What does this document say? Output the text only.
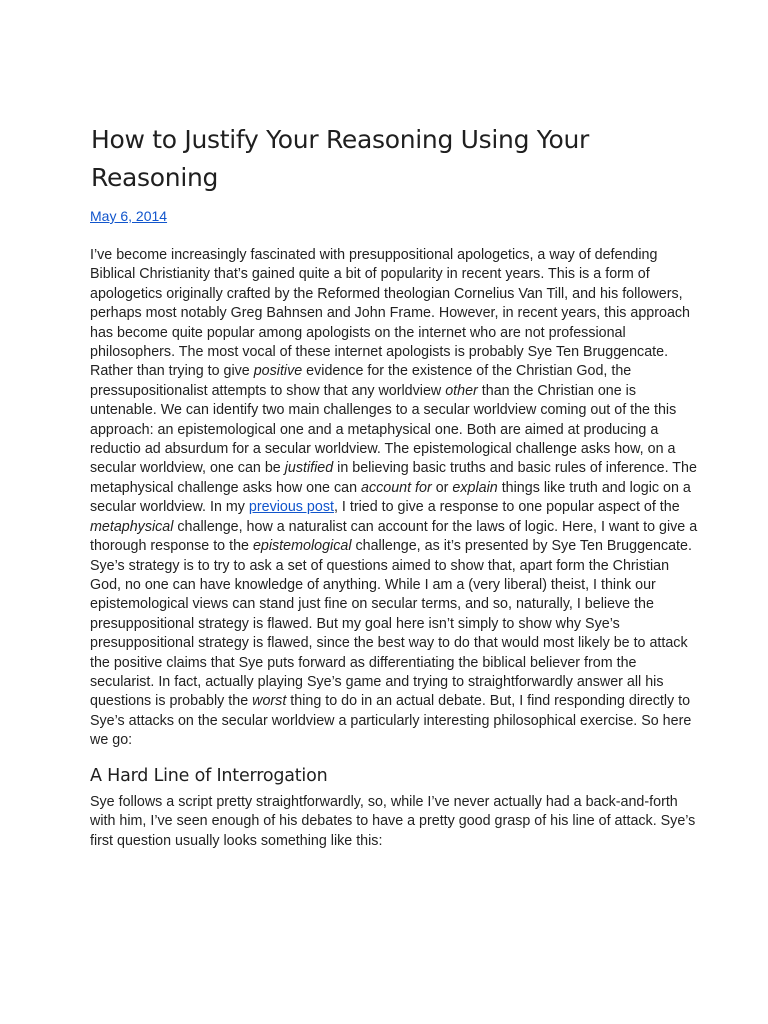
How to Justify Your Reasoning Using Your Reasoning
May 6, 2014
I’ve become increasingly fascinated with presuppositional apologetics, a way of defending
Biblical Christianity that’s gained quite a bit of popularity in recent years. This is a form of
apologetics originally crafted by the Reformed theologian Cornelius Van Till, and his followers,
perhaps most notably Greg Bahnsen and John Frame. However, in recent years, this approach
has become quite popular among apologists on the internet who are not professional
philosophers. The most vocal of these internet apologists is probably Sye Ten Bruggencate.
Rather than trying to give positive evidence for the existence of the Christian God, the
pressupositionalist attempts to show that any worldview other than the Christian one is
untenable. We can identify two main challenges to a secular worldview coming out of the this
approach: an epistemological one and a metaphysical one. Both are aimed at producing a
reductio ad absurdum for a secular worldview. The epistemological challenge asks how, on a
secular worldview, one can be justified in believing basic truths and basic rules of inference. The
metaphysical challenge asks how one can account for or explain things like truth and logic on a
secular worldview. In my previous post, I tried to give a response to one popular aspect of the
metaphysical challenge, how a naturalist can account for the laws of logic. Here, I want to give a
thorough response to the epistemological challenge, as it’s presented by Sye Ten Bruggencate.
Sye’s strategy is to try to ask a set of questions aimed to show that, apart form the Christian
God, no one can have knowledge of anything. While I am a (very liberal) theist, I think our
epistemological views can stand just fine on secular terms, and so, naturally, I believe the
presuppositional strategy is flawed. But my goal here isn’t simply to show why Sye’s
presuppositional strategy is flawed, since the best way to do that would most likely be to attack
the positive claims that Sye puts forward as differentiating the biblical believer from the
secularist. In fact, actually playing Sye’s game and trying to straightforwardly answer all his
questions is probably the worst thing to do in an actual debate. But, I find responding directly to
Sye’s attacks on the secular worldview a particularly interesting philosophical exercise. So here
we go:
A Hard Line of Interrogation
Sye follows a script pretty straightforwardly, so, while I’ve never actually had a back-and-forth
with him, I’ve seen enough of his debates to have a pretty good grasp of his line of attack. Sye’s
first question usually looks something like this:
